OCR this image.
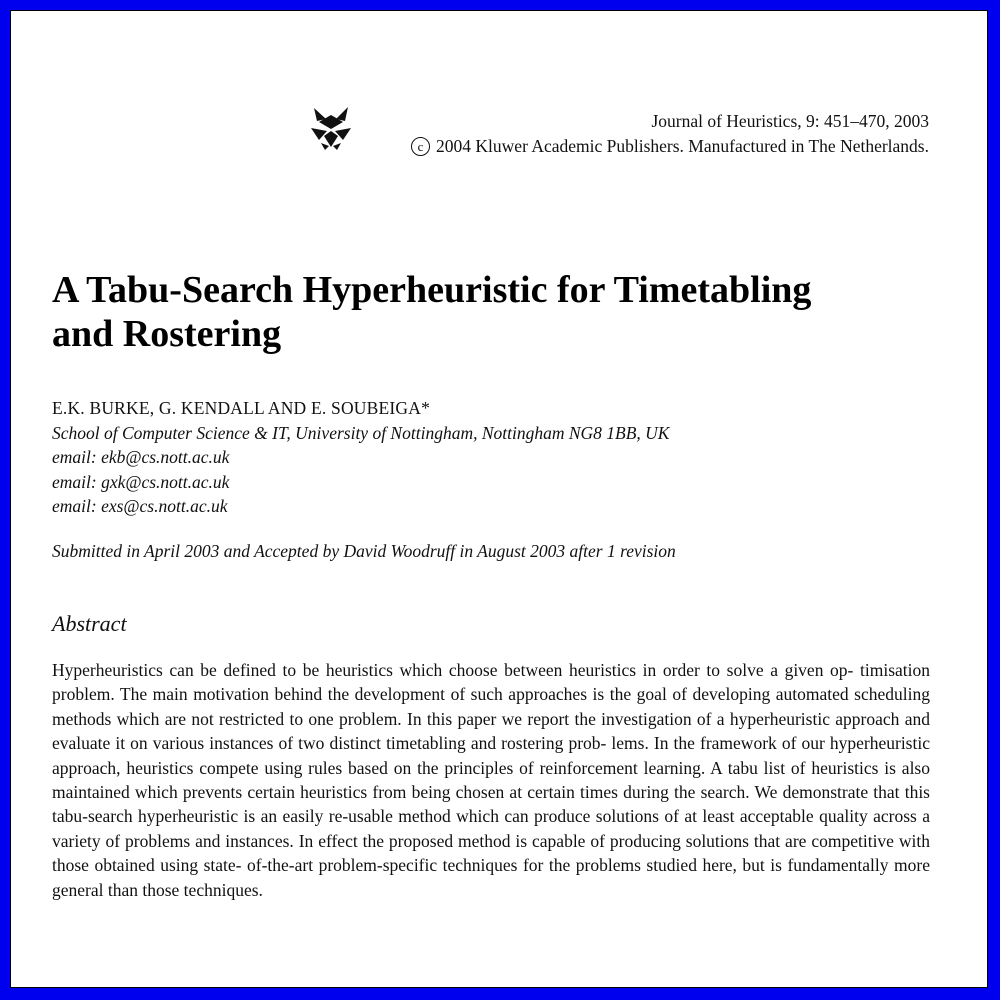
Journal of Heuristics, 9: 451–470, 2003
c 2004 Kluwer Academic Publishers. Manufactured in The Netherlands.
A Tabu-Search Hyperheuristic for Timetabling
and Rostering
E.K. BURKE, G. KENDALL AND E. SOUBEIGA*
School of Computer Science & IT, University of Nottingham, Nottingham NG8 1BB, UK
email: ekb@cs.nott.ac.uk
email: gxk@cs.nott.ac.uk
email: exs@cs.nott.ac.uk
Submitted in April 2003 and Accepted by David Woodruff in August 2003 after 1 revision
Abstract

Hyperheuristics can be defined to be heuristics which choose between heuristics in order to solve a given op- timisation problem. The main motivation behind the development of such approaches is the goal of developing automated scheduling methods which are not restricted to one problem. In this paper we report the investigation of a hyperheuristic approach and evaluate it on various instances of two distinct timetabling and rostering prob- lems. In the framework of our hyperheuristic approach, heuristics compete using rules based on the principles of reinforcement learning. A tabu list of heuristics is also maintained which prevents certain heuristics from being chosen at certain times during the search. We demonstrate that this tabu-search hyperheuristic is an easily re-usable method which can produce solutions of at least acceptable quality across a variety of problems and instances. In effect the proposed method is capable of producing solutions that are competitive with those obtained using state- of-the-art problem-specific techniques for the problems studied here, but is fundamentally more general than those techniques.
